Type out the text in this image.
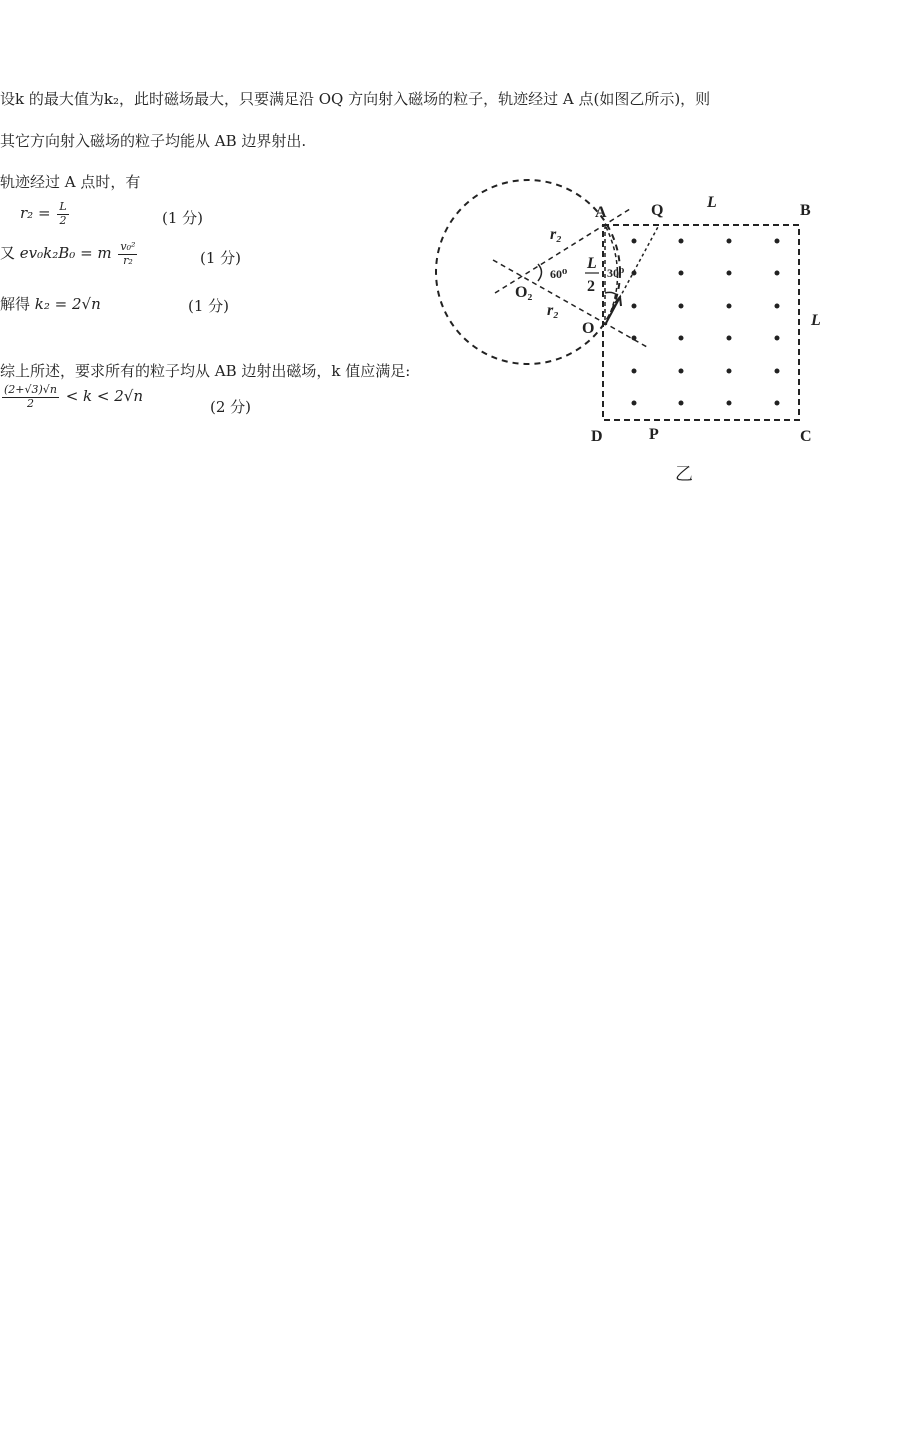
设k 的最大值为k₂，此时磁场最大，只要满足沿 OQ 方向射入磁场的粒子，轨迹经过 A 点(如图乙所示)，则
其它方向射入磁场的粒子均能从 AB 边界射出.
轨迹经过 A 点时，有
$r_2 = \frac{L}{2}$	(1 分)
又 ev₀k₂B₀ = m $\frac{\text{v₀²}}{\text{r₂}}$	(1 分)
解得 k₂ = 2√n	(1 分)
综上所述，要求所有的粒子均从 AB 边射出磁场，k 值应满足:
$\frac{(2+√3)√n}{2} < k < 2√n$
(2 分)
A	Q	L	B
L
D	P	C
O
O₂
r₂
r₂
60⁰	30⁰
L
2
乙
